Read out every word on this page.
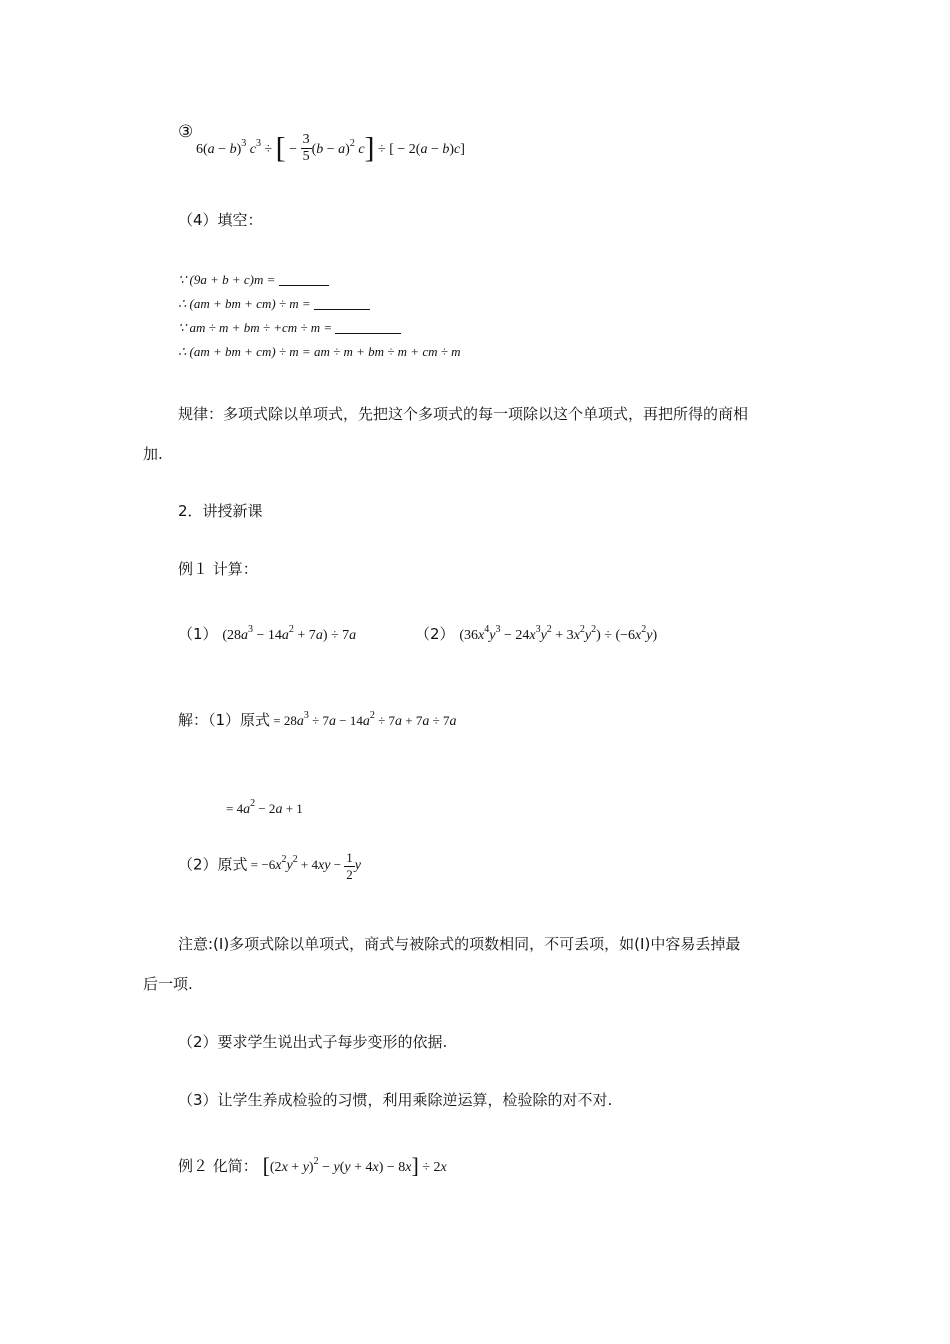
③
$6(a - b)^3$ $c^3$ ÷ [ − $\frac{3}{5} (b - a)^2$ c] ÷ [ − 2(a − b)c]
（4）填空：
∵ (9a + b + c)m =
∴ (am + bm + cm) ÷ m =
∵ am ÷ m + bm ÷ +cm ÷ m =
∴ (am + bm + cm) ÷ m = am ÷ m + bm ÷ m + cm ÷ m
规律：多项式除以单项式，先把这个多项式的每一项除以这个单项式，再把所得的商相
加.
2．讲授新课
例１ 计算：
（1） $(28a^3 - 14a^2 + 7a) \div 7a$	（2） $(36x^4y^3 - 24x^3y^2 + 3x^2y^2) \div (-6x^2y)$
解：（1）原式 = $28a^3 \div 7a - 14a^2 \div 7a + 7a \div 7a$
= $4a^2 - 2a + 1$
（2）原式 = $-6x^2y^2 + 4xy - \frac{1}{2}$ y
注意:(Ⅰ)多项式除以单项式，商式与被除式的项数相同，不可丢项，如(Ⅰ)中容易丢掉最
后一项.
（2）要求学生说出式子每步变形的依据.
（3）让学生养成检验的习惯，利用乘除逆运算，检验除的对不对.
例２ 化简： $[(2x + y)^2 - y(y + 4x) - 8x] \div 2x$
